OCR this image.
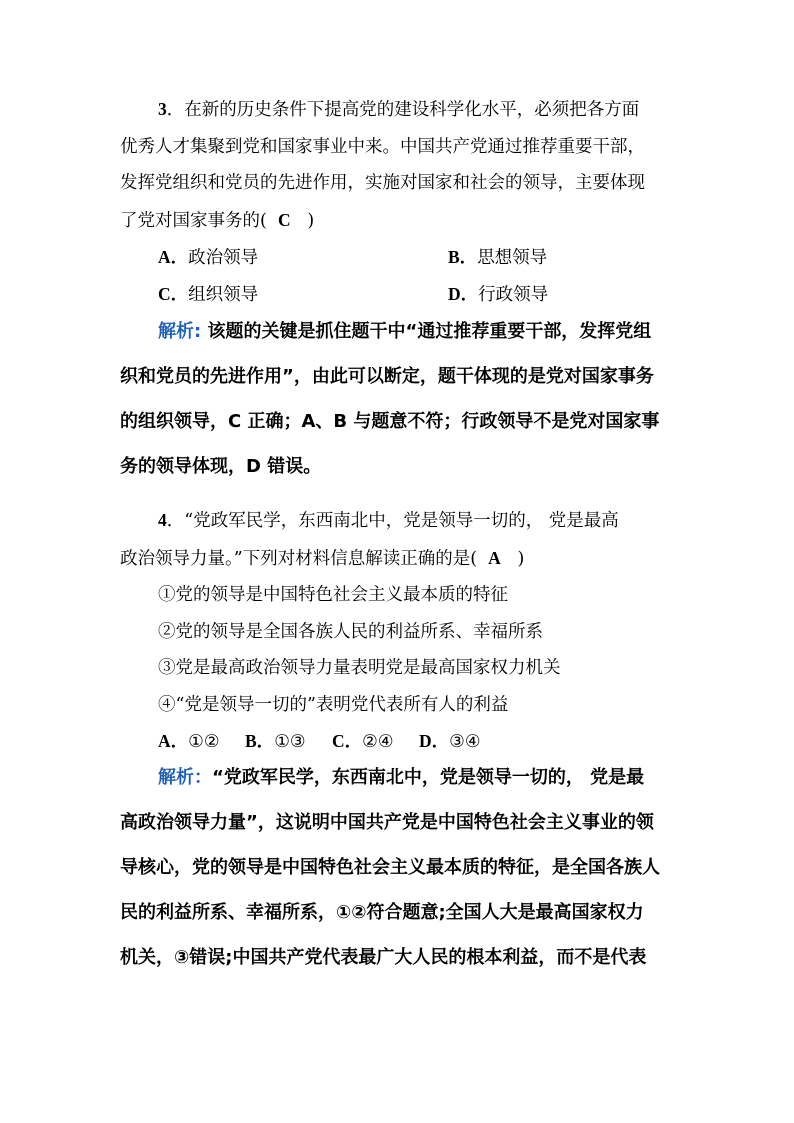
3．在新的历史条件下提高党的建设科学化水平，必须把各方面
优秀人才集聚到党和国家事业中来。中国共产党通过推荐重要干部，
发挥党组织和党员的先进作用，实施对国家和社会的领导，主要体现
了党对国家事务的( C )
A．政治领导	B．思想领导
C．组织领导	D．行政领导
解析: 该题的关键是抓住题干中“通过推荐重要干部，发挥党组
织和党员的先进作用”，由此可以断定，题干体现的是党对国家事务
的组织领导，C 正确；A、B 与题意不符；行政领导不是党对国家事
务的领导体现，D 错误。
4．“党政军民学，东西南北中，党是领导一切的， 党是最高
政治领导力量。”下列对材料信息解读正确的是( A )
①党的领导是中国特色社会主义最本质的特征
②党的领导是全国各族人民的利益所系、幸福所系
③党是最高政治领导力量表明党是最高国家权力机关
④“党是领导一切的”表明党代表所有人的利益
A．①② B．①③ C．②④ D．③④
解析：“党政军民学，东西南北中，党是领导一切的， 党是最
高政治领导力量”，这说明中国共产党是中国特色社会主义事业的领
导核心，党的领导是中国特色社会主义最本质的特征，是全国各族人
民的利益所系、幸福所系，①②符合题意;全国人大是最高国家权力
机关，③错误;中国共产党代表最广大人民的根本利益，而不是代表
